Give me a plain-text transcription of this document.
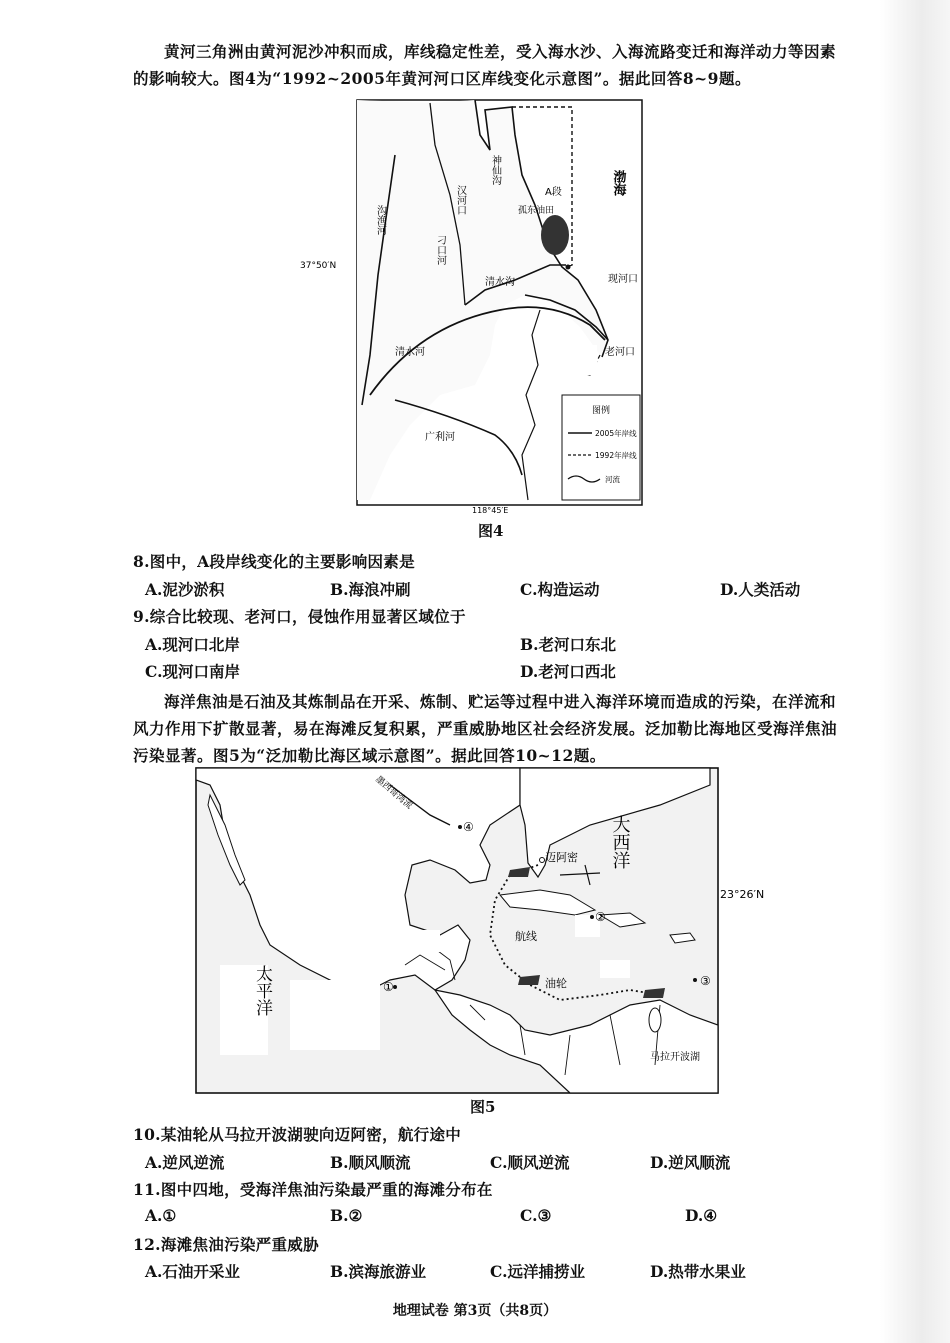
黄河三角洲由黄河泥沙冲积而成，库线稳定性差，受入海水沙、入海流路变迁和海洋动力等因素的影响较大。图4为“1992~2005年黄河河口区库线变化示意图”。据此回答8~9题。
渤海
A段
孤东油田
现河口
老河口
37°50′N
118°45′E
沟渔河
汉河口
神仙沟
刁口河
清水沟
广利河
清水河
图例
2005年岸线
1992年岸线
河流
图4
8.图中，A段岸线变化的主要影响因素是
A.泥沙淤积	B.海浪冲刷	C.构造运动	D.人类活动
9.综合比较现、老河口，侵蚀作用显著区域位于
A.现河口北岸	B.老河口东北
C.现河口南岸	D.老河口西北
海洋焦油是石油及其炼制品在开采、炼制、贮运等过程中进入海洋环境而造成的污染，在洋流和风力作用下扩散显著，易在海滩反复积累，严重威胁地区社会经济发展。泛加勒比海地区受海洋焦油污染显著。图5为“泛加勒比海区域示意图”。据此回答10~12题。
大西洋
太平洋
迈阿密
航线
油轮
马拉开波湖
23°26′N
墨西哥湾流
①
②
③
④
图5
10.某油轮从马拉开波湖驶向迈阿密，航行途中
A.逆风逆流	B.顺风顺流	C.顺风逆流	D.逆风顺流
11.图中四地，受海洋焦油污染最严重的海滩分布在
A.①	B.②	C.③	D.④
12.海滩焦油污染严重威胁
A.石油开采业	B.滨海旅游业	C.远洋捕捞业	D.热带水果业
地理试卷 第3页（共8页）
